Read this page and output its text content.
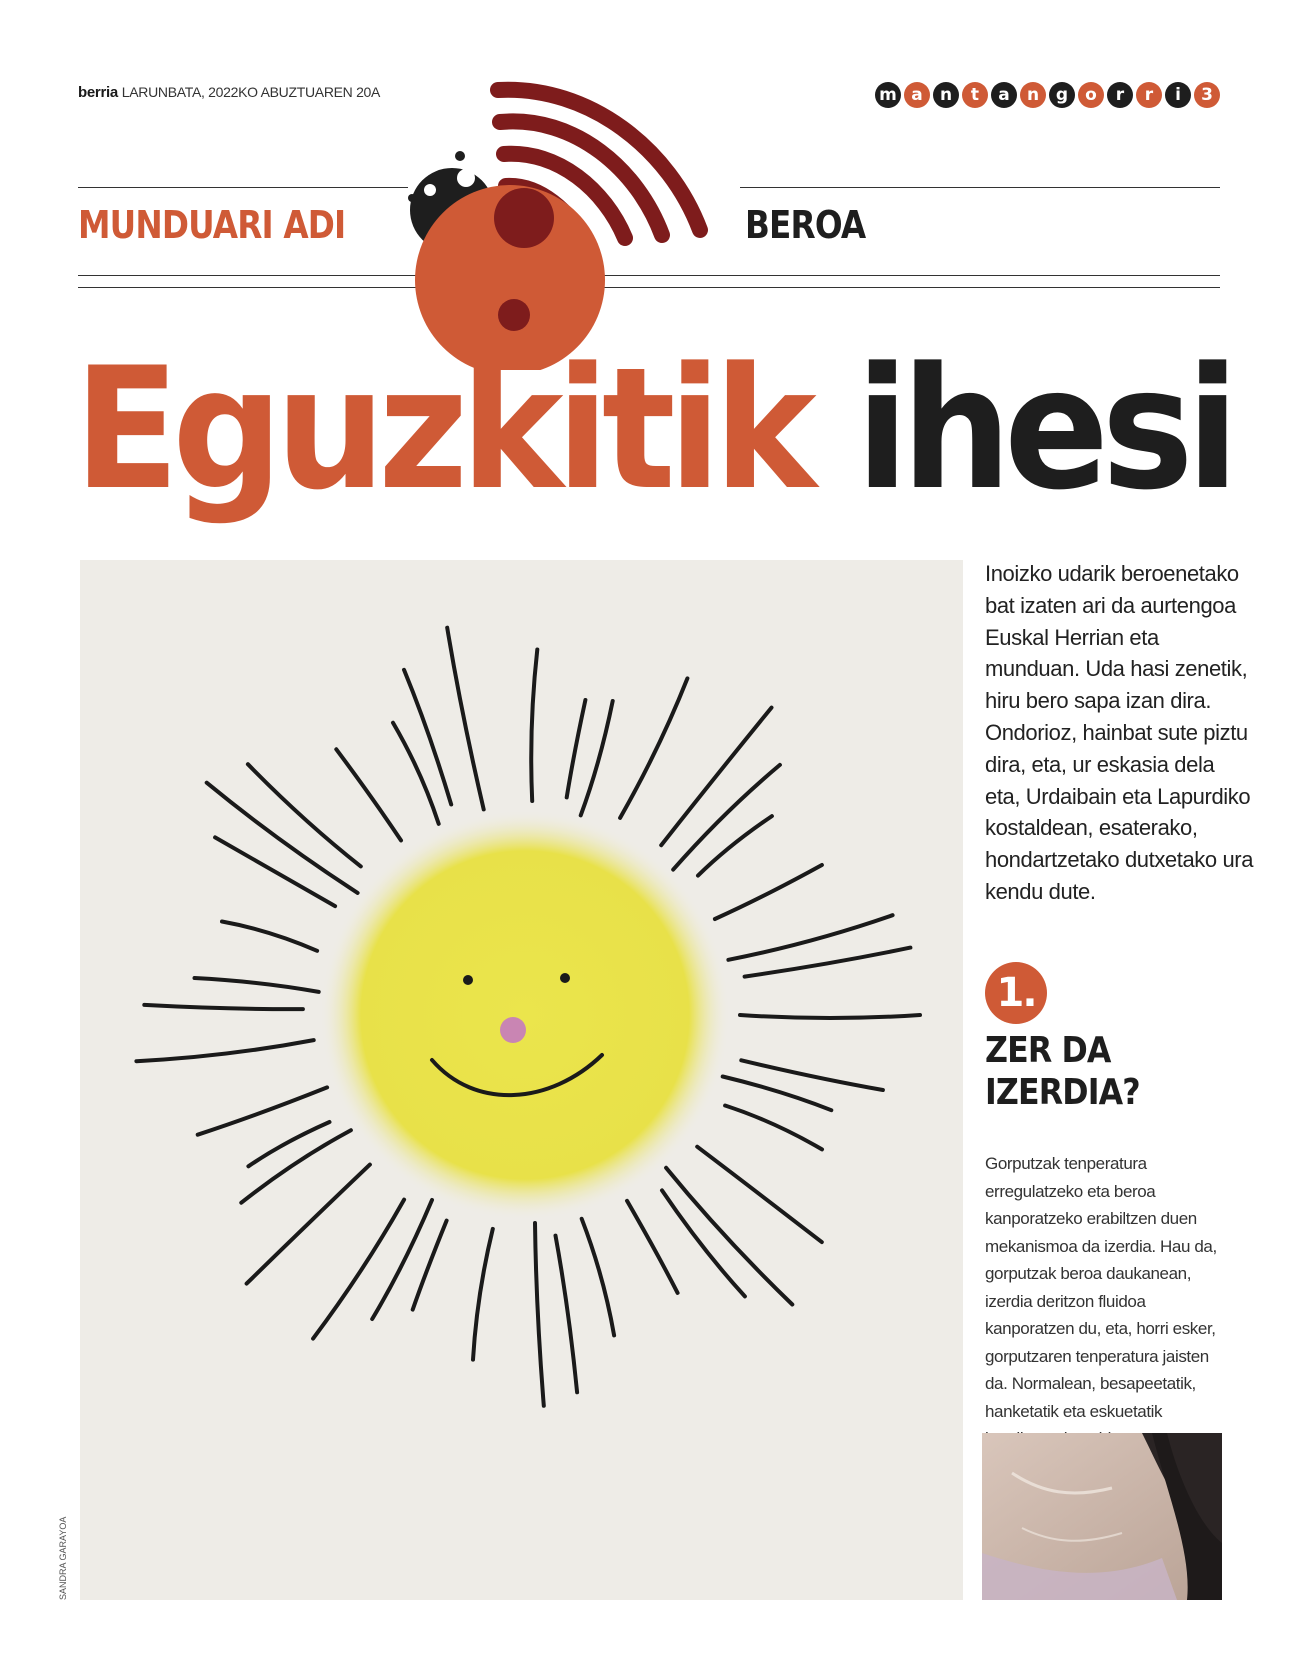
berria LARUNBATA, 2022KO ABUZTUAREN 20A	m a	n	t	a	n g	o	r	r	i	3
MUNDUARI ADI	BEROA
Eguzkitik ihesi
SANDRA GARAYOA
Inoizko udarik beroenetako bat izaten ari da aurtengoa Euskal Herrian eta munduan. Uda hasi zenetik, hiru bero sapa izan dira. Ondorioz, hainbat sute piztu dira, eta, ur eskasia dela eta, Urdaibain eta Lapurdiko kostaldean, esaterako, hondartzetako dutxetako ura kendu dute.
1.
ZER DA
IZERDIA?
Gorputzak tenperatura erregulatzeko eta beroa kanporatzeko erabiltzen duen mekanismoa da izerdia. Hau da, gorputzak beroa daukanean, izerdia deritzon fluidoa kanporatzen du, eta, horri esker, gorputzaren tenperatura jaisten da. Normalean, besapeetatik, hanketatik eta eskuetatik
